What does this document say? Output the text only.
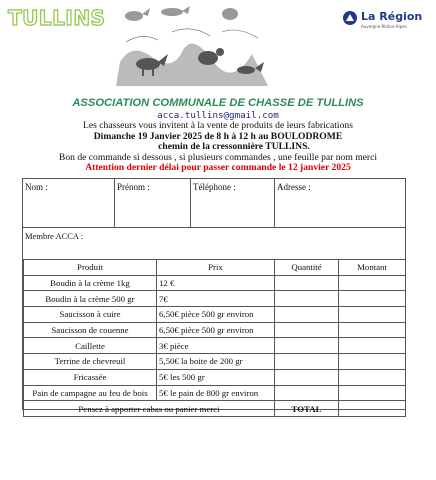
TULLINS	La Région
Auvergne-Rhône-Alpes
ASSOCIATION COMMUNALE DE CHASSE DE TULLINS
acca.tullins@gmail.com
Les chasseurs vous invitent à la vente de produits de leurs fabrications
Dimanche 19 Janvier 2025 de 8 h à 12 h au BOULODROME
chemin de la cressonnière TULLINS.
Bon de commande si dessous , si plusieurs commandes , une feuille par nom merci
Attention dernier délai pour passer commande le 12 janvier 2025
Nom :	Prénom :	Téléphone :	Adresse :
Membre ACCA :
Produit	Prix	Quantité	Montant
Boudin à la crème 1kg	12 €		
Boudin à la crème 500 gr	7€		
Saucisson à cuire	6,50€ pièce 500 gr environ		
Saucisson de couenne	6,50€ pièce 500 gr environ		
Caillette	3€ pièce		
Terrine de chevreuil	5,50€ la boite de 200 gr		
Fricassée	5€ les 500 gr		
Pain de campagne au feu de bois	5€ le pain de 800 gr environ		
Pensez à apporter cabas ou panier merci		TOTAL	
